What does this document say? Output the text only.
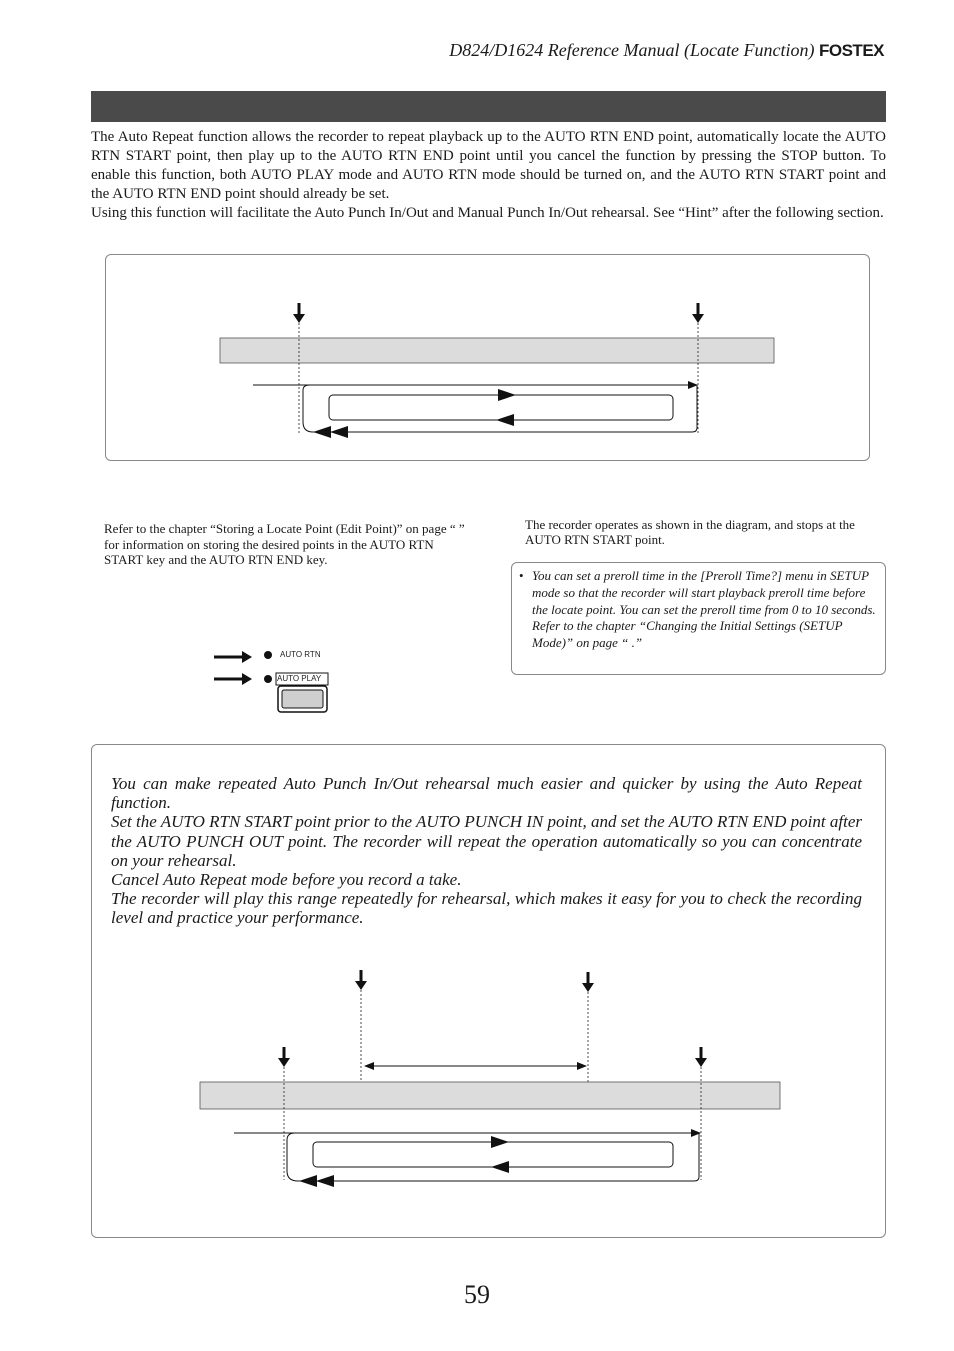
D824/D1624 Reference Manual (Locate Function) FOSTEX

The Auto Repeat function allows the recorder to repeat playback up to the AUTO RTN END point, automatically locate the AUTO RTN START point, then play up to the AUTO RTN END point until you cancel the function by pressing the STOP button. To enable this function, both AUTO PLAY mode and AUTO RTN mode should be turned on, and the AUTO RTN START point and the AUTO RTN END point should already be set.

Using this function will facilitate the Auto Punch In/Out and Manual Punch In/Out rehearsal. See “Hint” after the following section.

Refer to the chapter “Storing a Locate Point (Edit Point)” on page “ ” for information on storing the desired points in the AUTO RTN START key and the AUTO RTN END key.
The recorder operates as shown in the diagram, and stops at the AUTO RTN START point.
AUTO RTN
AUTO PLAY
• You can set a preroll time in the [Preroll Time?] menu in SETUP mode so that the recorder will start playback preroll time before the locate point. You can set the preroll time from 0 to 10 seconds. Refer to the chapter “Changing the Initial Settings (SETUP Mode)” on page “ .”

You can make repeated Auto Punch In/Out rehearsal much easier and quicker by using the Auto Repeat function.

Set the AUTO RTN START point prior to the AUTO PUNCH IN point, and set the AUTO RTN END point after the AUTO PUNCH OUT point. The recorder will repeat the operation automatically so you can concentrate on your rehearsal.

Cancel Auto Repeat mode before you record a take.

The recorder will play this range repeatedly for rehearsal, which makes it easy for you to check the recording level and practice your performance.

59
